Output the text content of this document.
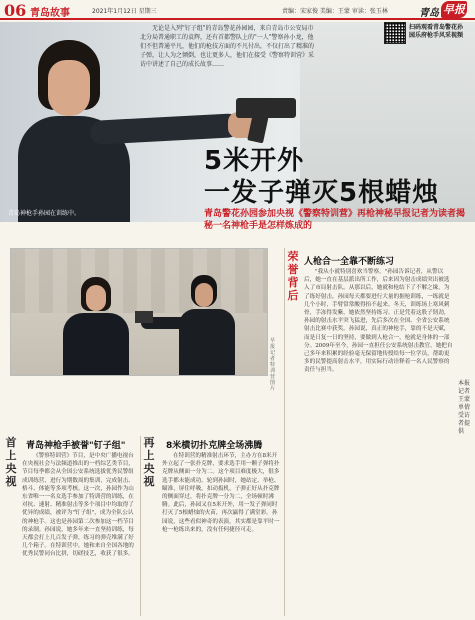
06 青岛故事	2021年1月12日 星期三	责编：宋家俊 美编：王蒙 审读：张玉林	青岛 早报
青岛神枪手孙园在训练中。

无论是入列"钉子组"的青岛警花孙园园，来自青岛市公安局市北分局普通职工的袁辉，还有首都警队上的"一人"警察孙小龙，他们不但普通平凡，他们的枪技方面的不凡付出，不仅打出了精准的子弹，让人为之倾倒，也让更多人，他们在接受《警察特训营》采访中讲述了自己的成长故事……

扫码观看青岛警花孙园乐府枪手风采视频

5米开外
一发子弹灭5根蜡烛

青岛警花孙园参加央视《警察特训营》再枪神秘早报记者为读者揭秘一名神枪手是怎样炼成的

早报记者 特训营图片

荣誉背后
首上央视
再上央视
本报记者 王蒙 单倩 受访者提供
青岛神枪手被誉"钉子组"

《警察特训营》节目，是中央广播电视台在央视社会与法频道推出的一档综艺类节目，节目每季都会从全国公安系统选拔优秀民警组成训练营，进行为期数周的集训，完成射击、格斗、体能等多项考核。这一次，孙园作为山东省唯一一名女选手参加了特训营的训练，在对抗、速射、精准射击等多个项目中均取得了优异的成绩，被评为"钉子组"，成为全队公认的神枪手。这也是孙园第二次参加这一档节目的录制。孙园说，她多年来一直坚持训练，每天都会打上几百发子弹，练习的弹壳堆满了好几个箱子。在特训营中，她和来自全国各地的优秀民警同台比拼，切磋技艺，收获了很多。

8米横切扑克牌全场沸腾

在特训营的精准射击环节，主办方在8米开外立起了一张扑克牌，要求选手用一颗子弹将扑克牌从侧面一分为二。这个项目难度极大，很多选手都未能成功。轮到孙园时，她站定、举枪、瞄准，屏住呼吸，扣动扳机，子弹正好从扑克牌的侧面穿过，将扑克牌一分为二，全场顿时沸腾。此后，孙园又在5米开外，用一发子弹同时打灭了5根蜡烛的火苗，再次赢得了满堂彩。孙园说，这些看似神奇的表演，其实都是靠平时一枪一枪练出来的，没有任何捷径可走。

人枪合一全靠不断练习

"我从小就特别喜欢当警察。"孙园告诉记者，从警以后，她一直在基层派出所工作，后来因为射击成绩突出被选入了市局射击队。从那以后，她就和枪结下了不解之缘。为了练好射击，孙园每天都要进行大量的据枪训练，一练就是几个小时，手臂常常酸得抬不起来。冬天，训练场上寒风刺骨，手冻得发紫，她依然坚持练习。正是凭着这股子韧劲，孙园的射击水平突飞猛进，先后多次在全国、全省公安系统射击比赛中获奖。孙园说，真正的神枪手，靠的不是天赋，而是日复一日的坚持，要做到人枪合一，枪就是身体的一部分。2009年至今，孙园一直担任公安系统射击教官，她把自己多年来积累的经验毫无保留地传授给每一位学员，帮助更多的民警提高射击水平，用实际行动诠释着一名人民警察的责任与担当。
